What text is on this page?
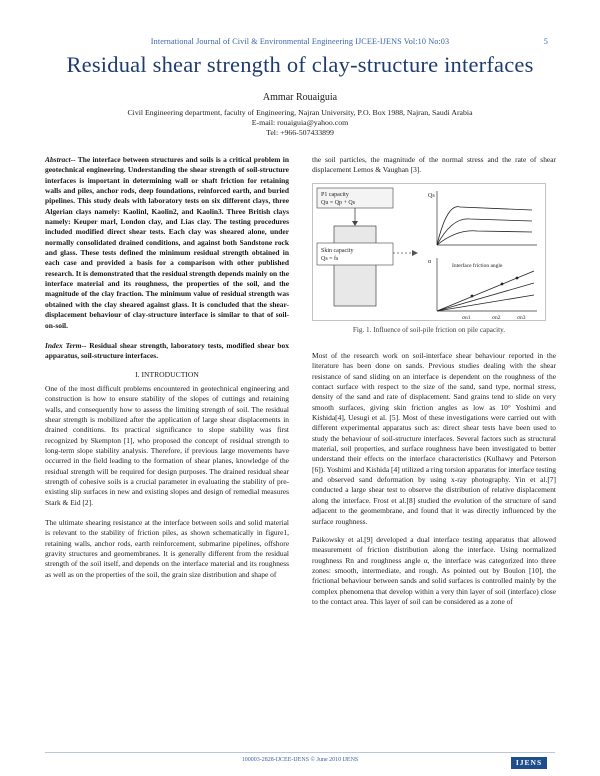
International Journal of Civil & Environmental Engineering IJCEE-IJENS Vol:10 No:03	5
Residual shear strength of clay-structure interfaces
Ammar Rouaiguia
Civil Engineering department, faculty of Engineering, Najran University, P.O. Box 1988, Najran, Saudi Arabia
E-mail: rouaiguia@yahoo.com
Tel: +966-507433899

Abstract-- The interface between structures and soils is a critical problem in geotechnical engineering. Understanding the shear strength of soil-structure interfaces is important in determining wall or shaft friction for retaining walls and piles, anchor rods, deep foundations, reinforced earth, and buried pipelines. This study deals with laboratory tests on six different clays, three Algerian clays namely: Kaolinl, Kaolin2, and Kaolin3. Three British clays namely: Keuper marl, London clay, and Lias clay. The testing procedures included modified direct shear tests. Each clay was sheared alone, under normally consolidated drained conditions, and against both Sandstone rock and glass. These tests defined the minimum residual strength obtained in each case and provided a basis for a comparison with other published research. It is demonstrated that the residual strength depends mainly on the interface material and its roughness, the properties of the soil, and the magnitude of the clay fraction. The minimum value of residual strength was obtained with the clay sheared against glass. It is concluded that the shear-displacement behaviour of clay-structure interface is similar to that of soil-on-soil.

Index Term-- Residual shear strength, laboratory tests, modified shear box apparatus, soil-structure interfaces.

I. INTRODUCTION

One of the most difficult problems encountered in geotechnical engineering and construction is how to ensure stability of the slopes of cuttings and retaining walls, and consequently how to assess the limiting strength of soil. The residual shear strength is mobilized after the application of large shear displacements in drained conditions. Its practical significance to slope stability was first recognized by Skempton [1], who proposed the concept of residual strength to long-term slope stability analysis. Therefore, if previous large movements have occurred in the field leading to the formation of shear planes, knowledge of the residual strength will be required for design purposes. The drained residual shear strength of cohesive soils is a crucial parameter in evaluating the stability of pre-existing slip surfaces in new and existing slopes and design of remedial measures Stark & Eid [2].

The ultimate shearing resistance at the interface between soils and solid material is relevant to the stability of friction piles, as shown schematically in figure1, retaining walls, anchor rods, earth reinforcement, submarine pipelines, offshore gravity structures and geomembranes. It is generally different from the residual strength of the soil itself, and depends on the interface material and its roughness as well as on the properties of the soil, the grain size distribution and shape of

the soil particles, the magnitude of the normal stress and the rate of shear displacement Lemos & Vaughan [3].

P1 capacity
Qu = Qp + Qs
Skin capacity
Qs = fs
Qs
α
Interface friction angle
σn1	σn2	σn3
Fig. 1. Influence of soil-pile friction on pile capacity.

Most of the research work on soil-interface shear behaviour reported in the literature has been done on sands. Previous studies dealing with the shear resistance of sand sliding on an interface is dependent on the roughness of the contact surface with respect to the size of the sand, sand type, normal stress, density of the sand and rate of displacement. Sand grains tend to slide on very smooth surfaces, giving skin friction angles as low as 10° Yoshimi and Kishida[4], Uesugi et al. [5]. Most of these investigations were carried out with different experimental apparatus such as: direct shear tests have been used to study the behaviour of soil-structure interfaces. Several factors such as structural material, soil properties, and surface roughness have been investigated to better understand their effects on the interface characteristics (Kulhawy and Peterson [6]). Yoshimi and Kishida [4] utilized a ring torsion apparatus for interface testing and observed sand deformation by using x-ray photography. Yin et al.[7] conducted a large shear test to observe the distribution of relative displacement along the interface. Frost et al.[8] studied the evolution of the structure of sand adjacent to the geomembrane, and found that it was directly influenced by the surface roughness.

Paikowsky et al.[9] developed a dual interface testing apparatus that allowed measurement of friction distribution along the interface. Using normalized roughness Rn and roughness angle α, the interface was categorized into three zones: smooth, intermediate, and rough. As pointed out by Boulon [10], the frictional behaviour between sands and solid surfaces is controlled mainly by the complex phenomena that develop within a very thin layer of soil (interface) close to the contact area. This layer of soil can be considered as a zone of

100003-2828-IJCEE-IJENS © June 2010 IJENS	IJENS
